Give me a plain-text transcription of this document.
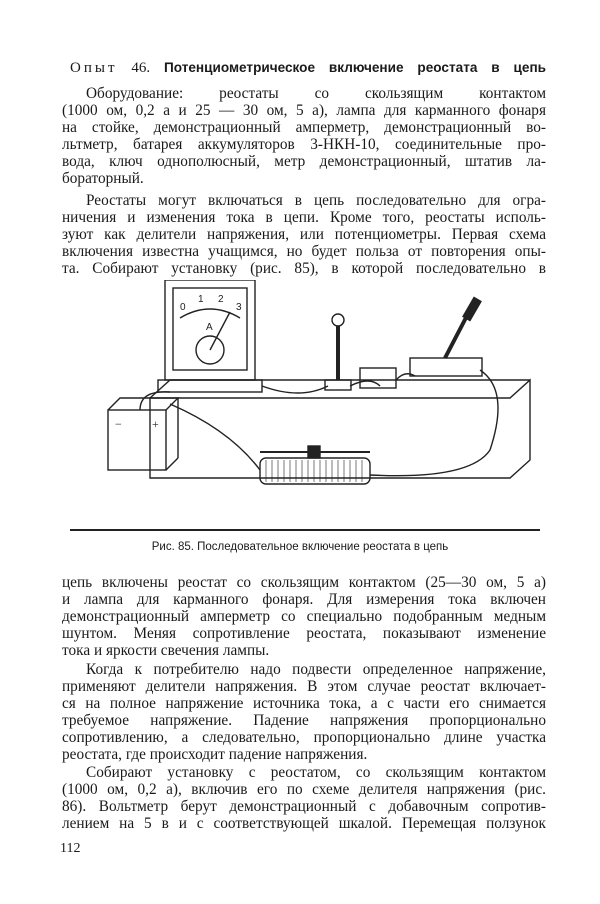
Опыт 46. Потенциометрическое включение реостата в цепь
Оборудование: реостаты со скользящим контактом
(1000 ом, 0,2 а и 25 — 30 ом, 5 а), лампа для карманного фонаря
на стойке, демонстрационный амперметр, демонстрационный во-
льтметр, батарея аккумуляторов 3-НКН-10, соединительные про-
вода, ключ однополюсный, метр демонстрационный, штатив ла-
бораторный.
Реостаты могут включаться в цепь последовательно для огра-
ничения и изменения тока в цепи. Кроме того, реостаты исполь-
зуют как делители напряжения, или потенциометры. Первая схема
включения известна учащимся, но будет польза от повторения опы-
та. Собирают установку (рис. 85), в которой последовательно в
цепь включены реостат со скользящим контактом (25—30 ом, 5 а)
и лампа для карманного фонаря. Для измерения тока включен
демонстрационный амперметр со специально подобранным медным
шунтом. Меняя сопротивление реостата, показывают изменение
тока и яркости свечения лампы.
Когда к потребителю надо подвести определенное напряжение,
применяют делители напряжения. В этом случае реостат включает-
ся на полное напряжение источника тока, а с части его снимается
требуемое напряжение. Падение напряжения пропорционально
сопротивлению, а следовательно, пропорционально длине участка
реостата, где происходит падение напряжения.
Собирают установку с реостатом, со скользящим контактом
(1000 ом, 0,2 а), включив его по схеме делителя напряжения (рис.
86). Вольтметр берут демонстрационный с добавочным сопротив-
лением на 5 в и с соответствующей шкалой. Перемещая ползунок
−	+
0
1 2
3
A
Рис. 85. Последовательное включение реостата в цепь
112
